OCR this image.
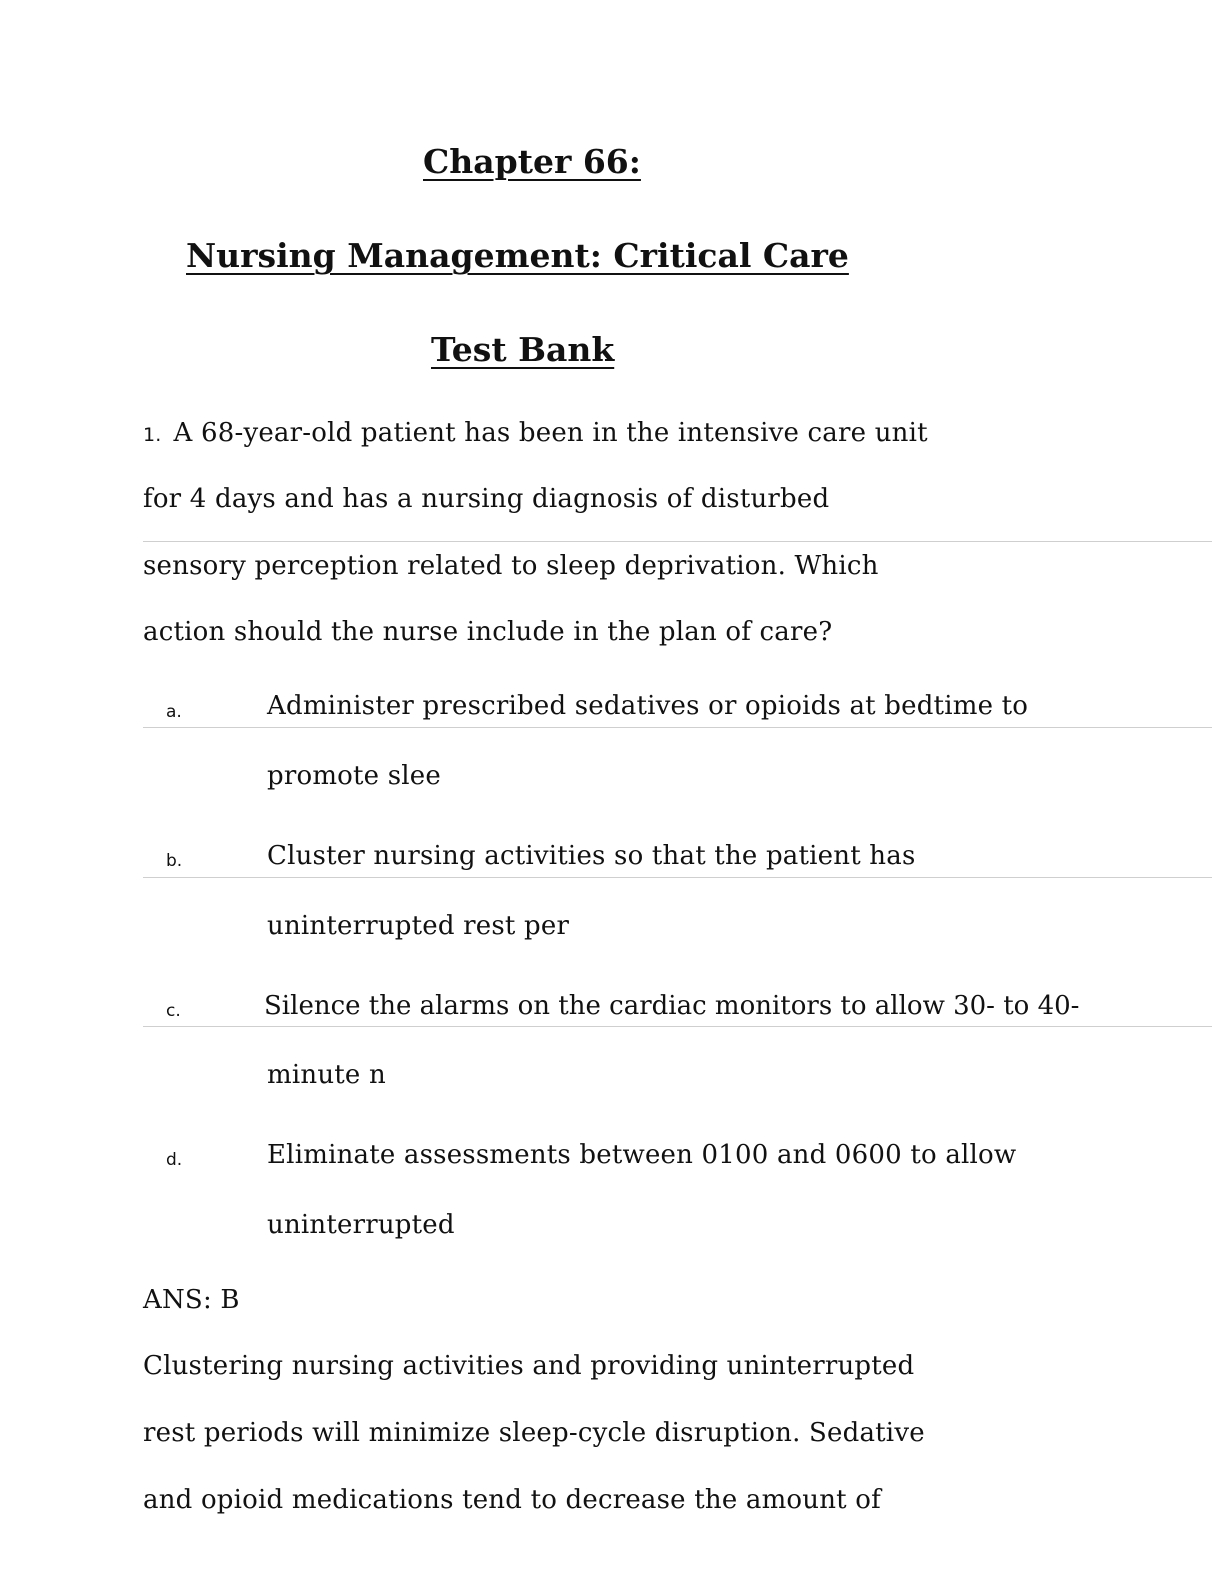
Chapter 66:
Nursing Management: Critical Care
Test Bank
1. A 68-year-old patient has been in the intensive care unit
for 4 days and has a nursing diagnosis of disturbed
sensory perception related to sleep deprivation. Which
action should the nurse include in the plan of care?
a.	Administer prescribed sedatives or opioids at bedtime to
promote slee
b.	Cluster nursing activities so that the patient has
uninterrupted rest per
c.	Silence the alarms on the cardiac monitors to allow 30- to 40-
minute n
d.	Eliminate assessments between 0100 and 0600 to allow
uninterrupted
ANS: B
Clustering nursing activities and providing uninterrupted
rest periods will minimize sleep-cycle disruption. Sedative
and opioid medications tend to decrease the amount of
